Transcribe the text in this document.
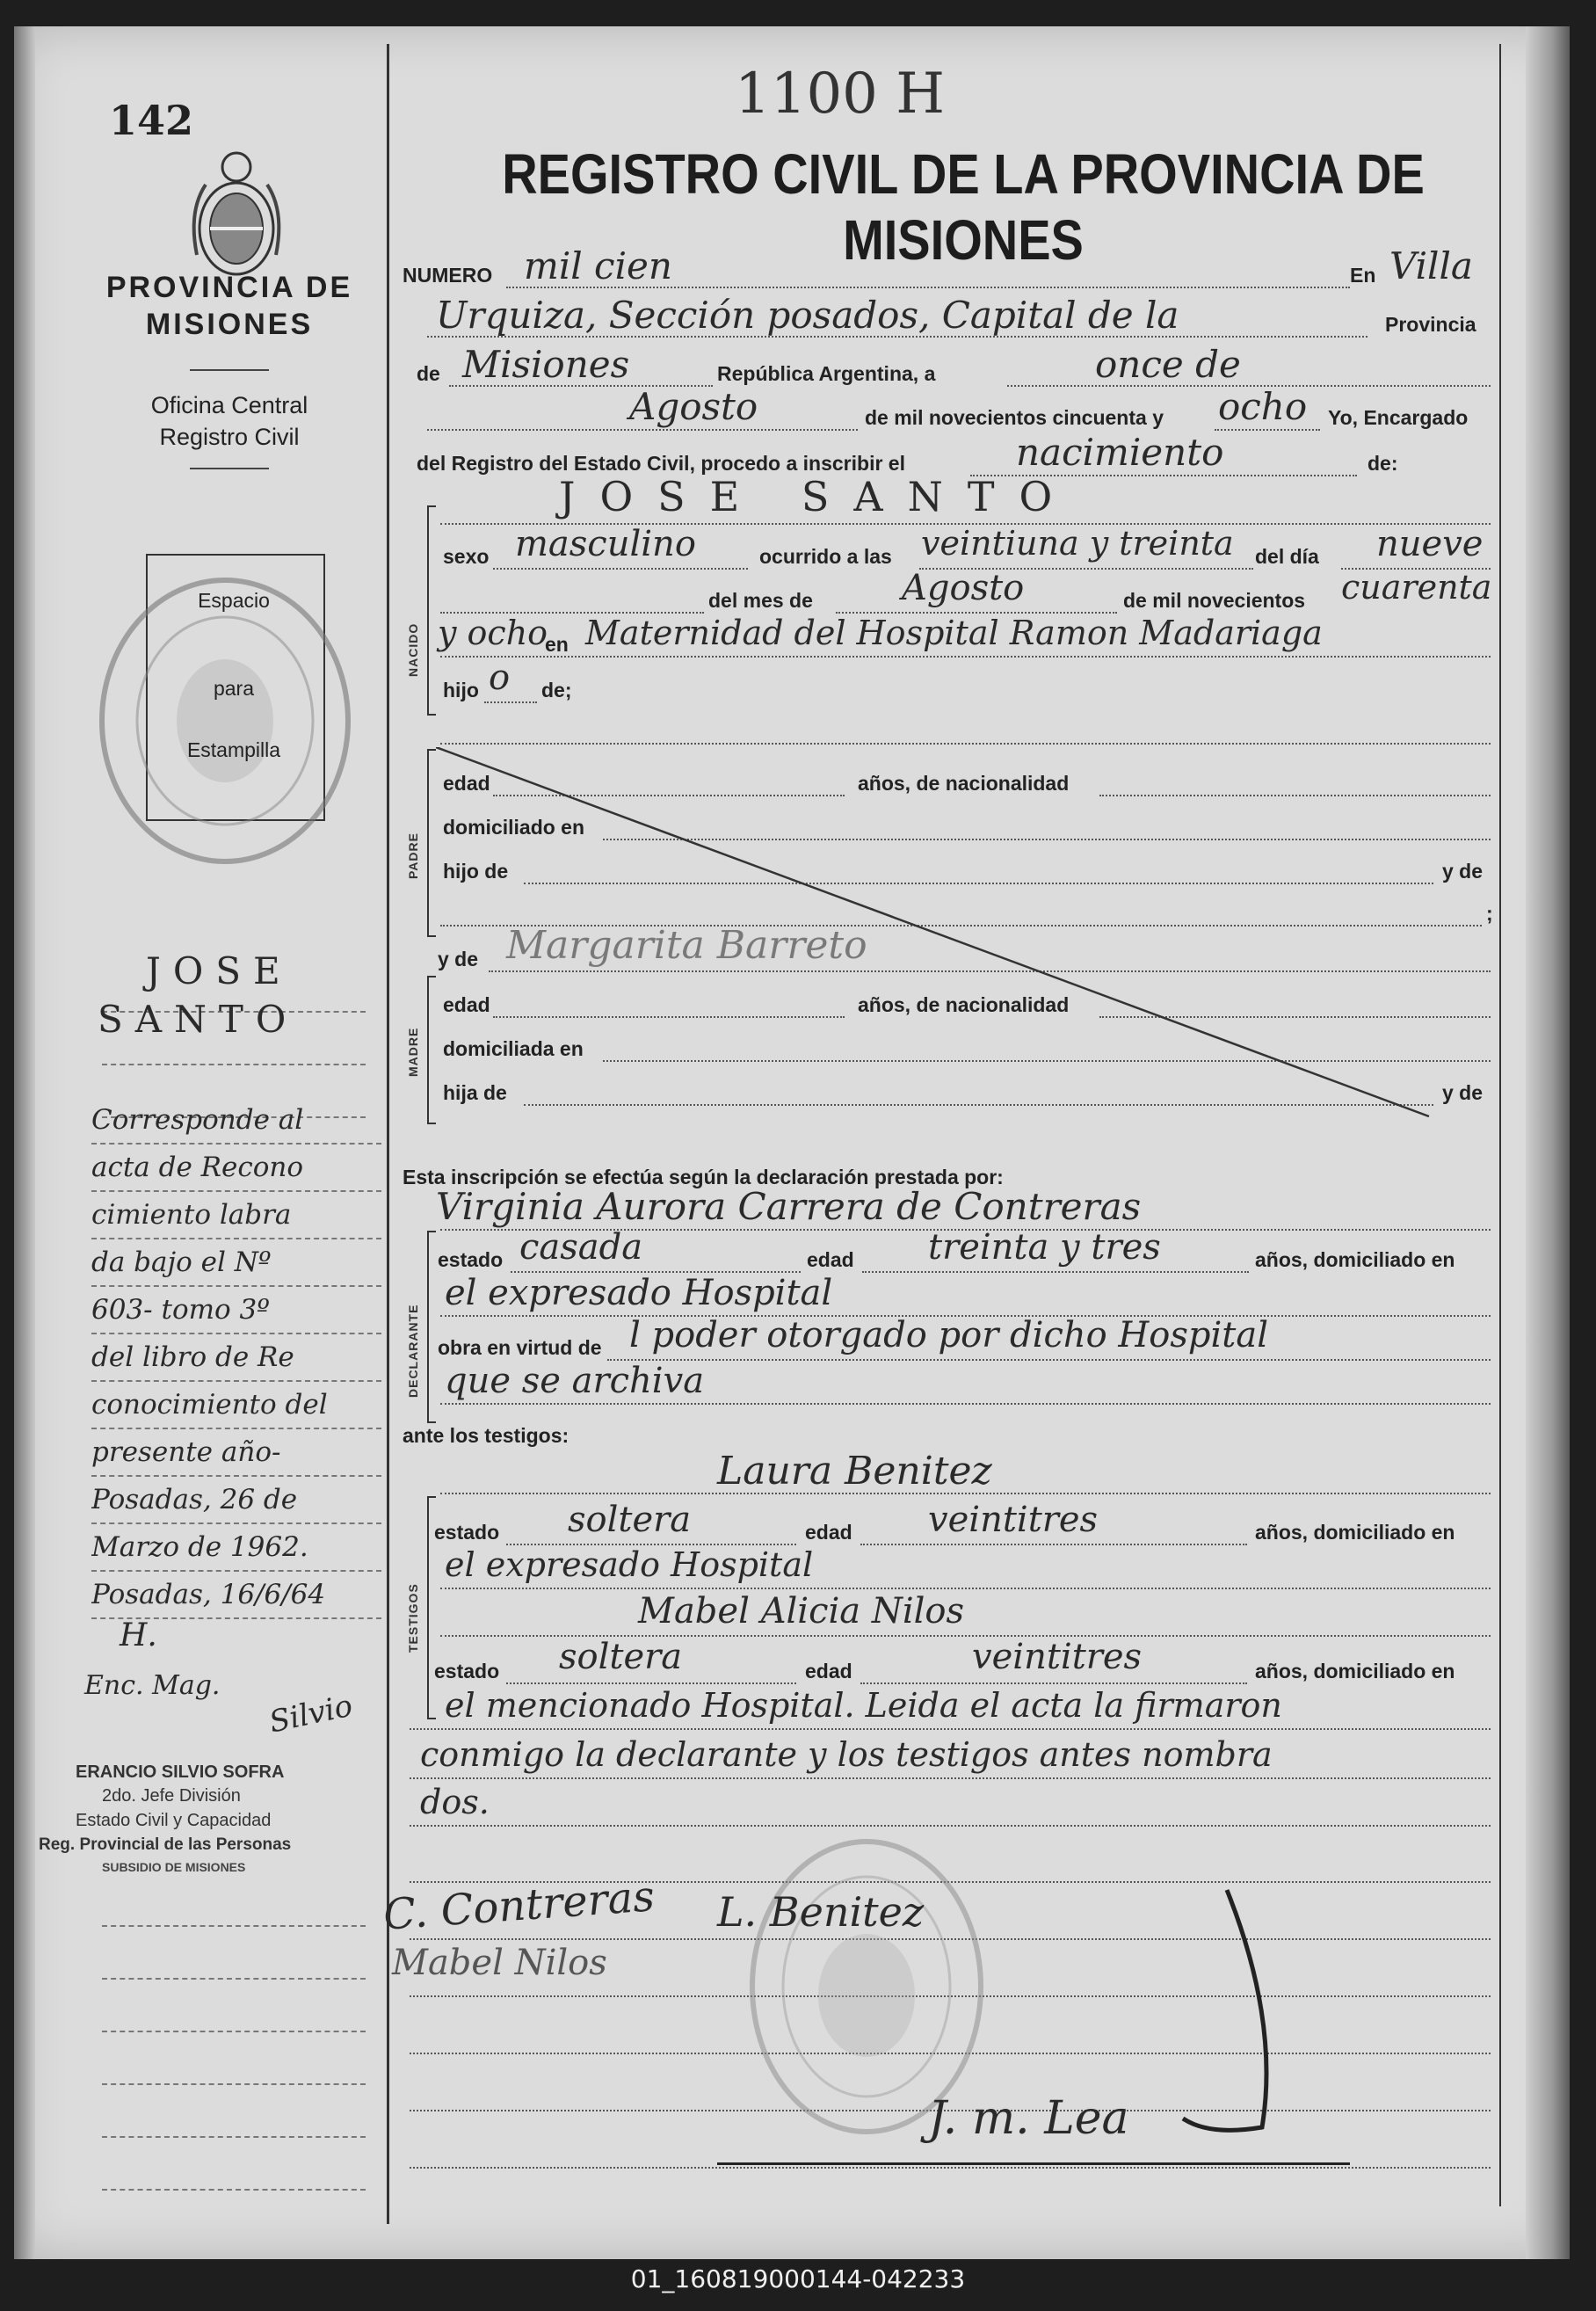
142
PROVINCIA DE
MISIONES
Oficina Central
Registro Civil
Espacio
para
Estampilla
JOSE
SANTO
Corresponde al
acta de Recono
cimiento labra
da bajo el Nº
603- tomo 3º
del libro de Re
conocimiento del
presente año-
Posadas, 26 de
Marzo de 1962.
Posadas, 16/6/64
H.
Enc. Mag.
Silvio
ERANCIO SILVIO SOFRA
2do. Jefe División
Estado Civil y Capacidad
Reg. Provincial de las Personas
SUBSIDIO DE MISIONES
1100 H
REGISTRO CIVIL DE LA PROVINCIA DE MISIONES
NUMERO mil cien	En Villa
Urquiza, Sección posados, Capital de la	Provincia
de Misiones	República Argentina, a	once de
Agosto	de mil novecientos cincuenta y ocho Yo, Encargado
del Registro del Estado Civil, procedo a inscribir el	nacimiento	de:
NACIDO
JOSE SANTO
sexo masculino	ocurrido a las veintiuna y treinta del día nueve
del mes de	Agosto	de mil novecientos cuarenta
y ocho
en Maternidad del Hospital Ramon Madariaga
hijo o de;
PADRE
edad	años, de nacionalidad
domiciliado en
hijo de	y de
;
y de Margarita Barreto
MADRE
edad	años, de nacionalidad
domiciliada en
hija de	y de
Esta inscripción se efectúa según la declaración prestada por:
Virginia Aurora Carrera de Contreras
DECLARANTE
estado casada	edad treinta y tres	años, domiciliado en
el expresado Hospital
obra en virtud de l poder otorgado por dicho Hospital
que se archiva
ante los testigos:
Laura Benitez
TESTIGOS
estado soltera	edad veintitres	años, domiciliado en
el expresado Hospital
Mabel Alicia Nilos
estado soltera	edad	veintitres	años, domiciliado en
el mencionado Hospital. Leida el acta la firmaron
conmigo la declarante y los testigos antes nombra
dos.
C. Contreras L. Benitez
Mabel Nilos
J. m. Lea
01_160819000144-042233
